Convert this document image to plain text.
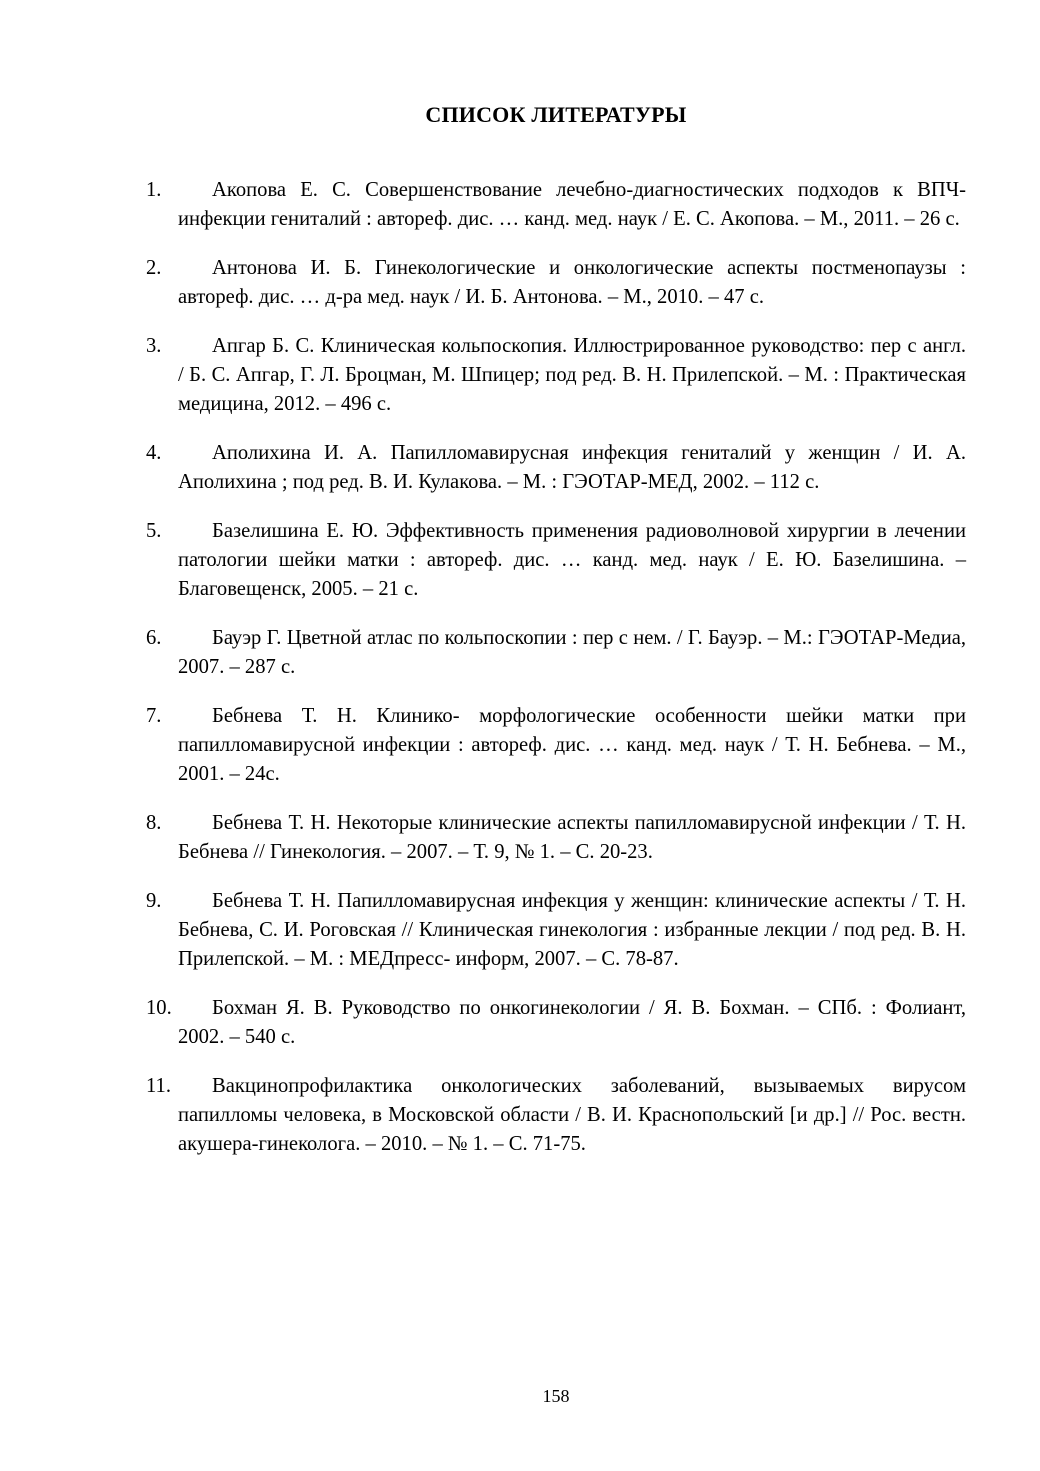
СПИСОК ЛИТЕРАТУРЫ
1.	Акопова Е. С. Совершенствование лечебно-диагностических подходов к ВПЧ-инфекции гениталий : автореф. дис. … канд. мед. наук / Е. С. Акопова. – М., 2011. – 26 с.
2.	Антонова И. Б. Гинекологические и онкологические аспекты постменопаузы : автореф. дис. … д-ра мед. наук / И. Б. Антонова. – М., 2010. – 47 с.
3.	Апгар Б. С. Клиническая кольпоскопия. Иллюстрированное руководство: пер с англ. / Б. С. Апгар, Г. Л. Броцман, М. Шпицер; под ред. В. Н. Прилепской. – М. : Практическая медицина, 2012. – 496 с.
4.	Аполихина И. А. Папилломавирусная инфекция гениталий у женщин / И. А. Аполихина ; под ред. В. И. Кулакова. – М. : ГЭОТАР-МЕД, 2002. – 112 с.
5.	Базелишина Е. Ю. Эффективность применения радиоволновой хирургии в лечении патологии шейки матки : автореф. дис. … канд. мед. наук / Е. Ю. Базелишина. – Благовещенск, 2005. – 21 с.
6.	Бауэр Г. Цветной атлас по кольпоскопии : пер с нем. / Г. Бауэр. – М.: ГЭОТАР-Медиа, 2007. – 287 с.
7.	Бебнева Т. Н. Клинико- морфологические особенности шейки матки при папилломавирусной инфекции : автореф. дис. … канд. мед. наук / Т. Н. Бебнева. – М., 2001. – 24с.
8.	Бебнева Т. Н. Некоторые клинические аспекты папилломавирусной инфекции / Т. Н. Бебнева // Гинекология. – 2007. – Т. 9, № 1. – С. 20-23.
9.	Бебнева Т. Н. Папилломавирусная инфекция у женщин: клинические аспекты / Т. Н. Бебнева, С. И. Роговская // Клиническая гинекология : избранные лекции / под ред. В. Н. Прилепской. – М. : МЕДпресс- информ, 2007. – С. 78-87.
10.	Бохман Я. В. Руководство по онкогинекологии / Я. В. Бохман. – СПб. : Фолиант, 2002. – 540 с.
11.	Вакцинопрофилактика онкологических заболеваний, вызываемых вирусом папилломы человека, в Московской области / В. И. Краснопольский [и др.] // Рос. вестн. акушера-гинеколога. – 2010. – № 1. – С. 71-75.
158
